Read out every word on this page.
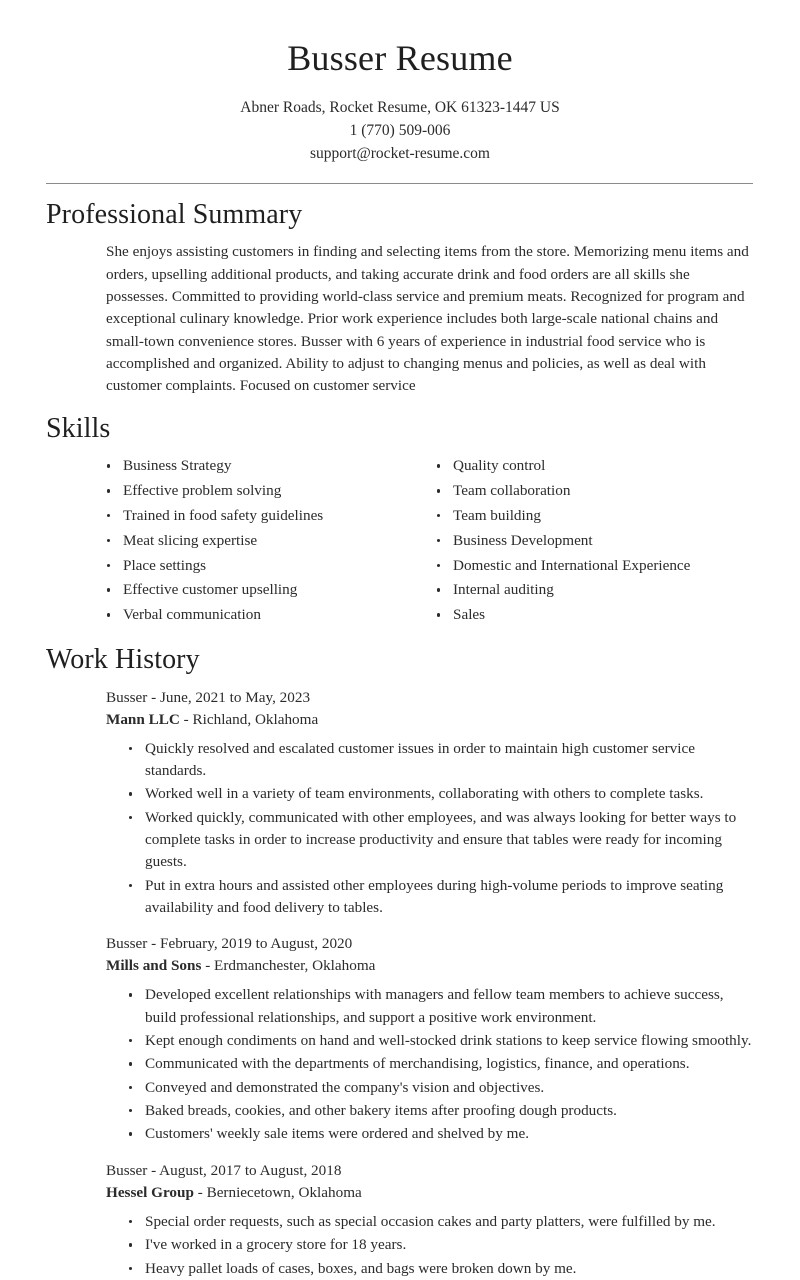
Busser Resume
Abner Roads, Rocket Resume, OK 61323-1447 US
1 (770) 509-006
support@rocket-resume.com
Professional Summary

She enjoys assisting customers in finding and selecting items from the store. Memorizing menu items and orders, upselling additional products, and taking accurate drink and food orders are all skills she possesses. Committed to providing world-class service and premium meats. Recognized for program and exceptional culinary knowledge. Prior work experience includes both large-scale national chains and small-town convenience stores. Busser with 6 years of experience in industrial food service who is accomplished and organized. Ability to adjust to changing menus and policies, as well as deal with customer complaints. Focused on customer service

Skills
Business Strategy
Effective problem solving
Trained in food safety guidelines
Meat slicing expertise
Place settings
Effective customer upselling
Verbal communication
Quality control
Team collaboration
Team building
Business Development
Domestic and International Experience
Internal auditing
Sales
Work History
Busser - June, 2021 to May, 2023
Mann LLC - Richland, Oklahoma
Quickly resolved and escalated customer issues in order to maintain high customer service standards.
Worked well in a variety of team environments, collaborating with others to complete tasks.
Worked quickly, communicated with other employees, and was always looking for better ways to complete tasks in order to increase productivity and ensure that tables were ready for incoming guests.
Put in extra hours and assisted other employees during high-volume periods to improve seating availability and food delivery to tables.
Busser - February, 2019 to August, 2020
Mills and Sons - Erdmanchester, Oklahoma
Developed excellent relationships with managers and fellow team members to achieve success, build professional relationships, and support a positive work environment.
Kept enough condiments on hand and well-stocked drink stations to keep service flowing smoothly.
Communicated with the departments of merchandising, logistics, finance, and operations.
Conveyed and demonstrated the company's vision and objectives.
Baked breads, cookies, and other bakery items after proofing dough products.
Customers' weekly sale items were ordered and shelved by me.
Busser - August, 2017 to August, 2018
Hessel Group - Berniecetown, Oklahoma
Special order requests, such as special occasion cakes and party platters, were fulfilled by me.
I've worked in a grocery store for 18 years.
Heavy pallet loads of cases, boxes, and bags were broken down by me.
